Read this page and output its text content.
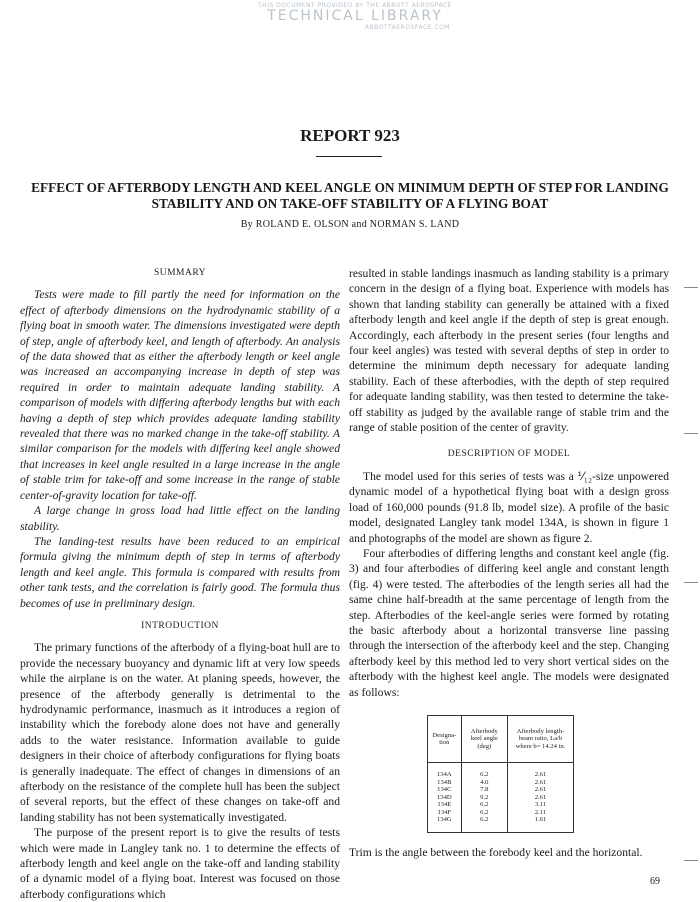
THIS DOCUMENT PROVIDED BY THE ABBOTT AEROSPACE
TECHNICAL LIBRARY
ABBOTTAEROSPACE.COM
REPORT 923
EFFECT OF AFTERBODY LENGTH AND KEEL ANGLE ON MINIMUM DEPTH OF STEP FOR LANDING STABILITY AND ON TAKE-OFF STABILITY OF A FLYING BOAT
By ROLAND E. OLSON and NORMAN S. LAND
SUMMARY

Tests were made to fill partly the need for information on the effect of afterbody dimensions on the hydrodynamic stability of a flying boat in smooth water. The dimensions investigated were depth of step, angle of afterbody keel, and length of afterbody. An analysis of the data showed that as either the afterbody length or keel angle was increased an accompanying increase in depth of step was required in order to maintain adequate landing stability. A comparison of models with differing afterbody lengths but with each having a depth of step which provides adequate landing stability revealed that there was no marked change in the take-off stability. A similar comparison for the models with differing keel angle showed that increases in keel angle resulted in a large increase in the angle of stable trim for take-off and some increase in the range of stable center-of-gravity location for take-off.

A large change in gross load had little effect on the landing stability.

The landing-test results have been reduced to an empirical formula giving the minimum depth of step in terms of afterbody length and keel angle. This formula is compared with results from other tank tests, and the correlation is fairly good. The formula thus becomes of use in preliminary design.

INTRODUCTION

The primary functions of the afterbody of a flying-boat hull are to provide the necessary buoyancy and dynamic lift at very low speeds while the airplane is on the water. At planing speeds, however, the presence of the afterbody generally is detrimental to the hydrodynamic performance, inasmuch as it introduces a region of instability which the forebody alone does not have and generally adds to the water resistance. Information available to guide designers in their choice of afterbody configurations for flying boats is generally inadequate. The effect of changes in dimensions of an afterbody on the resistance of the complete hull has been the subject of several reports, but the effect of these changes on take-off and landing stability has not been systematically investigated.

The purpose of the present report is to give the results of tests which were made in Langley tank no. 1 to determine the effects of afterbody length and keel angle on the take-off and landing stability of a dynamic model of a flying boat. Interest was focused on those afterbody configurations which

resulted in stable landings inasmuch as landing stability is a primary concern in the design of a flying boat. Experience with models has shown that landing stability can generally be attained with a fixed afterbody length and keel angle if the depth of step is great enough. Accordingly, each afterbody in the present series (four lengths and four keel angles) was tested with several depths of step in order to determine the minimum depth necessary for adequate landing stability. Each of these afterbodies, with the depth of step required for adequate landing stability, was then tested to determine the take-off stability as judged by the available range of stable trim and the range of stable position of the center of gravity.

DESCRIPTION OF MODEL

The model used for this series of tests was a ⅟₁₂-size unpowered dynamic model of a hypothetical flying boat with a design gross load of 160,000 pounds (91.8 lb, model size). A profile of the basic model, designated Langley tank model 134A, is shown in figure 1 and photographs of the model are shown as figure 2.

Four afterbodies of differing lengths and constant keel angle (fig. 3) and four afterbodies of differing keel angle and constant length (fig. 4) were tested. The afterbodies of the length series all had the same chine half-breadth at the same percentage of length from the step. Afterbodies of the keel-angle series were formed by rotating the basic afterbody about a horizontal transverse line passing through the intersection of the afterbody keel and the step. Changing afterbody keel by this method led to very short vertical sides on the afterbody with the highest keel angle. The models were designated as follows:

Designa-tion	Afterbody keel angle (deg)	Afterbody length-beam ratio, La/b where b= 14.24 in.
134A	6.2	2.61
134B	4.0	2.61
134C	7.8	2.61
134D	9.2	2.61
134E	6.2	3.11
134F	6.2	2.11
134G	6.2	1.61
Trim is the angle between the forebody keel and the horizontal.
69
